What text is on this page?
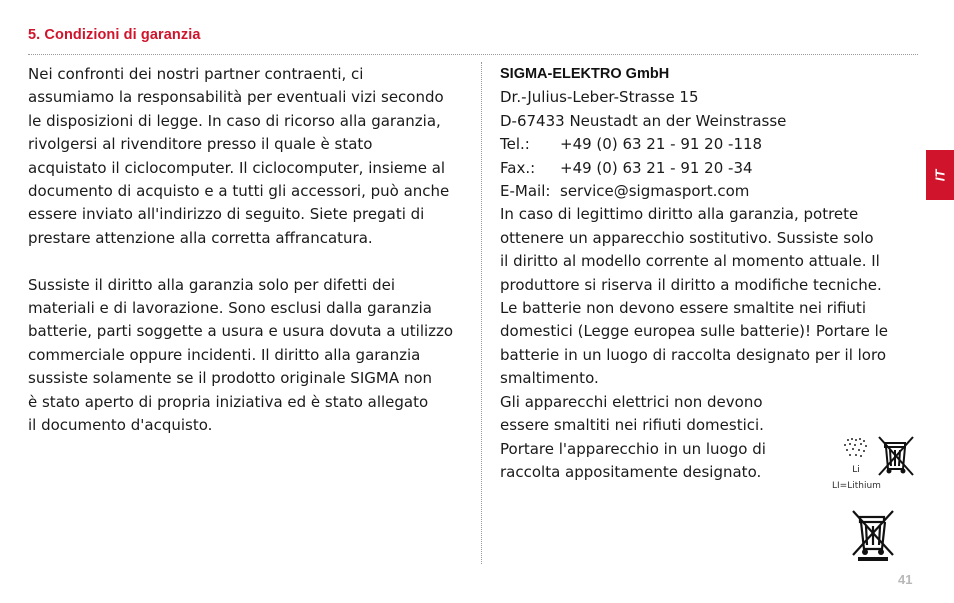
5. Condizioni di garanzia

Nei confronti dei nostri partner contraenti, ci
assumiamo la responsabilità per eventuali vizi secondo
le disposizioni di legge. In caso di ricorso alla garanzia,
rivolgersi al rivenditore presso il quale è stato
acquistato il ciclocomputer. Il ciclocomputer, insieme al
documento di acquisto e a tutti gli accessori, può anche
essere inviato all'indirizzo di seguito. Siete pregati di
prestare attenzione alla corretta affrancatura.

Sussiste il diritto alla garanzia solo per difetti dei
materiali e di lavorazione. Sono esclusi dalla garanzia
batterie, parti soggette a usura e usura dovuta a utilizzo
commerciale oppure incidenti. Il diritto alla garanzia
sussiste solamente se il prodotto originale SIGMA non
è stato aperto di propria iniziativa ed è stato allegato
il documento d'acquisto.

SIGMA-ELEKTRO GmbH
Dr.-Julius-Leber-Strasse 15
D-67433 Neustadt an der Weinstrasse
Tel.: +49 (0) 63 21 - 91 20 -118
Fax.: +49 (0) 63 21 - 91 20 -34
E-Mail: service@sigmasport.com

In caso di legittimo diritto alla garanzia, potrete
ottenere un apparecchio sostitutivo. Sussiste solo
il diritto al modello corrente al momento attuale. Il
produttore si riserva il diritto a modifiche tecniche.

Le batterie non devono essere smaltite nei rifiuti
domestici (Legge europea sulle batterie)! Portare le
batterie in un luogo di raccolta designato per il loro
smaltimento.

Gli apparecchi elettrici non devono
essere smaltiti nei rifiuti domestici.
Portare l'apparecchio in un luogo di
raccolta appositamente designato.	Li
LI=Lithium
IT
41
